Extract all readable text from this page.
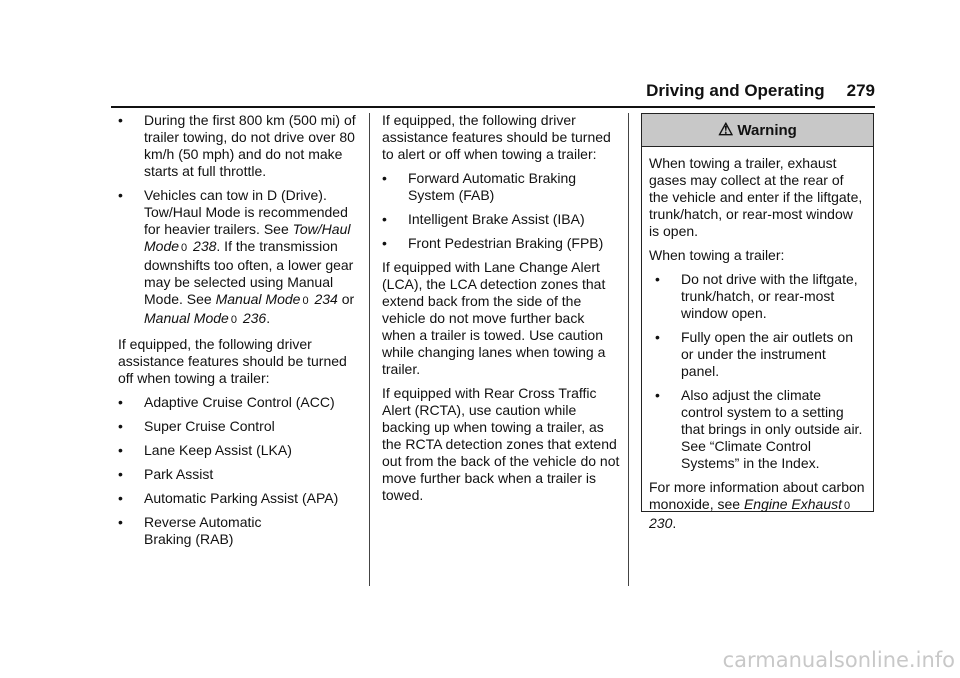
Driving and Operating 279
• During the first 800 km (500 mi) of trailer towing, do not drive over 80 km/h (50 mph) and do not make starts at full throttle.
• Vehicles can tow in D (Drive). Tow/Haul Mode is recommended for heavier trailers. See Tow/Haul Mode 0 238. If the transmission downshifts too often, a lower gear may be selected using Manual Mode. See Manual Mode 0 234 or Manual Mode 0 236.

If equipped, the following driver assistance features should be turned off when towing a trailer:

• Adaptive Cruise Control (ACC)
• Super Cruise Control
• Lane Keep Assist (LKA)
• Park Assist
• Automatic Parking Assist (APA)
• Reverse Automatic Braking (RAB)

If equipped, the following driver assistance features should be turned to alert or off when towing a trailer:

• Forward Automatic Braking System (FAB)
• Intelligent Brake Assist (IBA)
• Front Pedestrian Braking (FPB)

If equipped with Lane Change Alert (LCA), the LCA detection zones that extend back from the side of the vehicle do not move further back when a trailer is towed. Use caution while changing lanes when towing a trailer.

If equipped with Rear Cross Traffic Alert (RCTA), use caution while backing up when towing a trailer, as the RCTA detection zones that extend out from the back of the vehicle do not move further back when a trailer is towed.

⚠ Warning

When towing a trailer, exhaust gases may collect at the rear of the vehicle and enter if the liftgate, trunk/hatch, or rear-most window is open.

When towing a trailer:

• Do not drive with the liftgate, trunk/hatch, or rear-most window open.
• Fully open the air outlets on or under the instrument panel.
• Also adjust the climate control system to a setting that brings in only outside air. See “Climate Control Systems” in the Index.

For more information about carbon monoxide, see Engine Exhaust 0 230.

carmanualsonline.info
